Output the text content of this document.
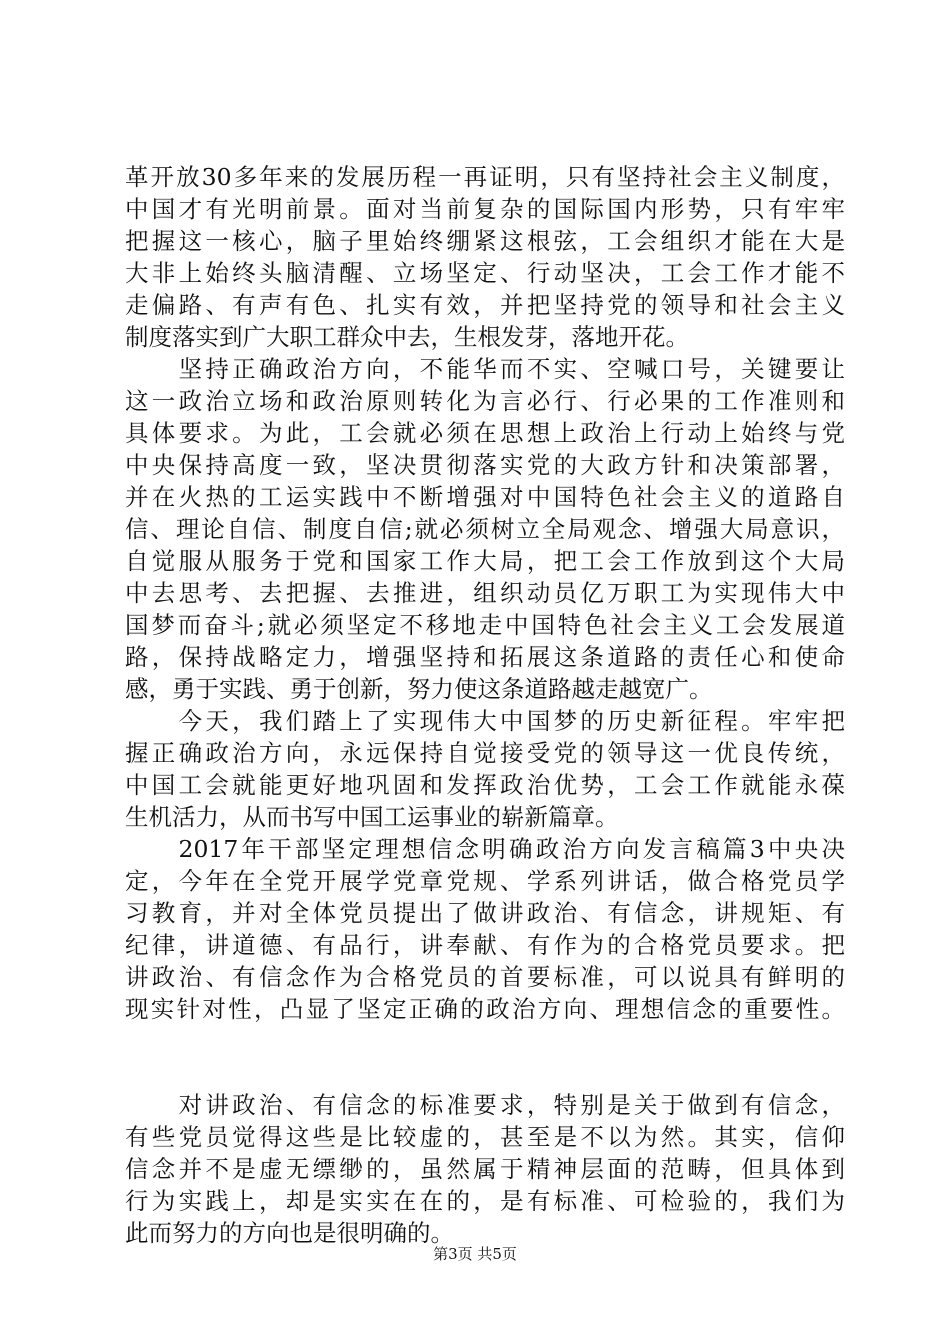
革开放30多年来的发展历程一再证明，只有坚持社会主义制度，
中国才有光明前景。面对当前复杂的国际国内形势，只有牢牢
把握这一核心，脑子里始终绷紧这根弦，工会组织才能在大是
大非上始终头脑清醒、立场坚定、行动坚决，工会工作才能不
走偏路、有声有色、扎实有效，并把坚持党的领导和社会主义
制度落实到广大职工群众中去，生根发芽，落地开花。
　　坚持正确政治方向，不能华而不实、空喊口号，关键要让
这一政治立场和政治原则转化为言必行、行必果的工作准则和
具体要求。为此，工会就必须在思想上政治上行动上始终与党
中央保持高度一致，坚决贯彻落实党的大政方针和决策部署，
并在火热的工运实践中不断增强对中国特色社会主义的道路自
信、理论自信、制度自信;就必须树立全局观念、增强大局意识，
自觉服从服务于党和国家工作大局，把工会工作放到这个大局
中去思考、去把握、去推进，组织动员亿万职工为实现伟大中
国梦而奋斗;就必须坚定不移地走中国特色社会主义工会发展道
路，保持战略定力，增强坚持和拓展这条道路的责任心和使命
感，勇于实践、勇于创新，努力使这条道路越走越宽广。
　　今天，我们踏上了实现伟大中国梦的历史新征程。牢牢把
握正确政治方向，永远保持自觉接受党的领导这一优良传统，
中国工会就能更好地巩固和发挥政治优势，工会工作就能永葆
生机活力，从而书写中国工运事业的崭新篇章。
　　2017年干部坚定理想信念明确政治方向发言稿篇3中央决
定，今年在全党开展学党章党规、学系列讲话，做合格党员学
习教育，并对全体党员提出了做讲政治、有信念，讲规矩、有
纪律，讲道德、有品行，讲奉献、有作为的合格党员要求。把
讲政治、有信念作为合格党员的首要标准，可以说具有鲜明的
现实针对性，凸显了坚定正确的政治方向、理想信念的重要性。
　　对讲政治、有信念的标准要求，特别是关于做到有信念，
有些党员觉得这些是比较虚的，甚至是不以为然。其实，信仰
信念并不是虚无缥缈的，虽然属于精神层面的范畴，但具体到
行为实践上，却是实实在在的，是有标准、可检验的，我们为
此而努力的方向也是很明确的。
第3页 共5页
